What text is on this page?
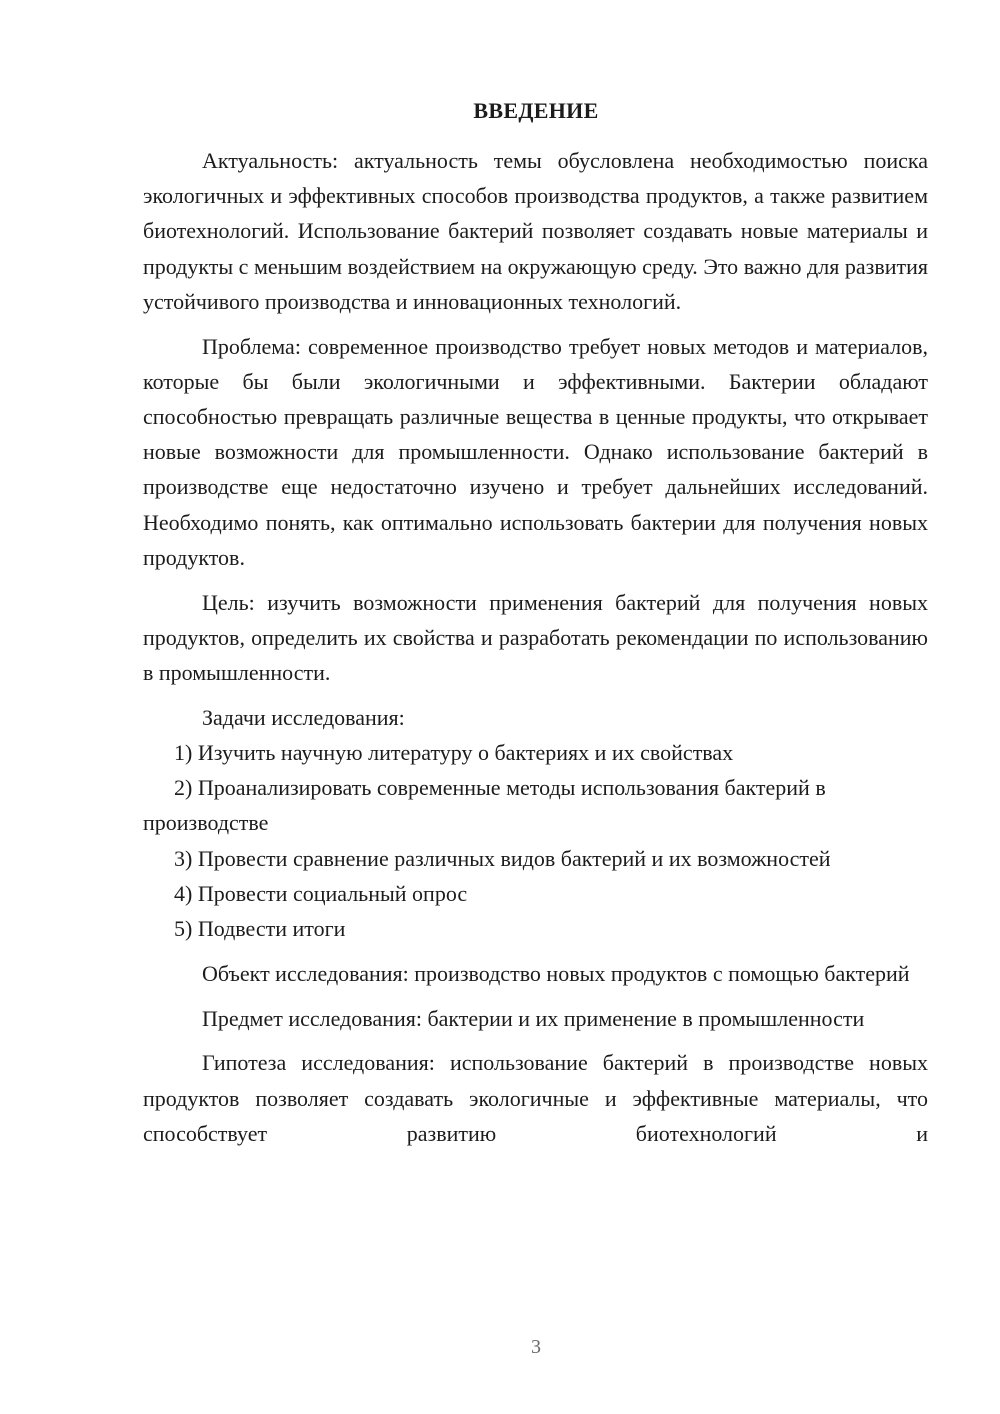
ВВЕДЕНИЕ

Актуальность: актуальность темы обусловлена необходимостью поиска экологичных и эффективных способов производства продуктов, а также развитием биотехнологий. Использование бактерий позволяет создавать новые материалы и продукты с меньшим воздействием на окружающую среду. Это важно для развития устойчивого производства и инновационных технологий.

Проблема: современное производство требует новых методов и материалов, которые бы были экологичными и эффективными. Бактерии обладают способностью превращать различные вещества в ценные продукты, что открывает новые возможности для промышленности. Однако использование бактерий в производстве еще недостаточно изучено и требует дальнейших исследований. Необходимо понять, как оптимально использовать бактерии для получения новых продуктов.

Цель: изучить возможности применения бактерий для получения новых продуктов, определить их свойства и разработать рекомендации по использованию в промышленности.

Задачи исследования:

1) Изучить научную литературу о бактериях и их свойствах

2) Проанализировать современные методы использования бактерий в производстве

3) Провести сравнение различных видов бактерий и их возможностей

4) Провести социальный опрос

5) Подвести итоги

Объект исследования: производство новых продуктов с помощью бактерий

Предмет исследования: бактерии и их применение в промышленности

Гипотеза исследования: использование бактерий в производстве новых продуктов позволяет создавать экологичные и эффективные материалы, что способствует развитию биотехнологий и

3
